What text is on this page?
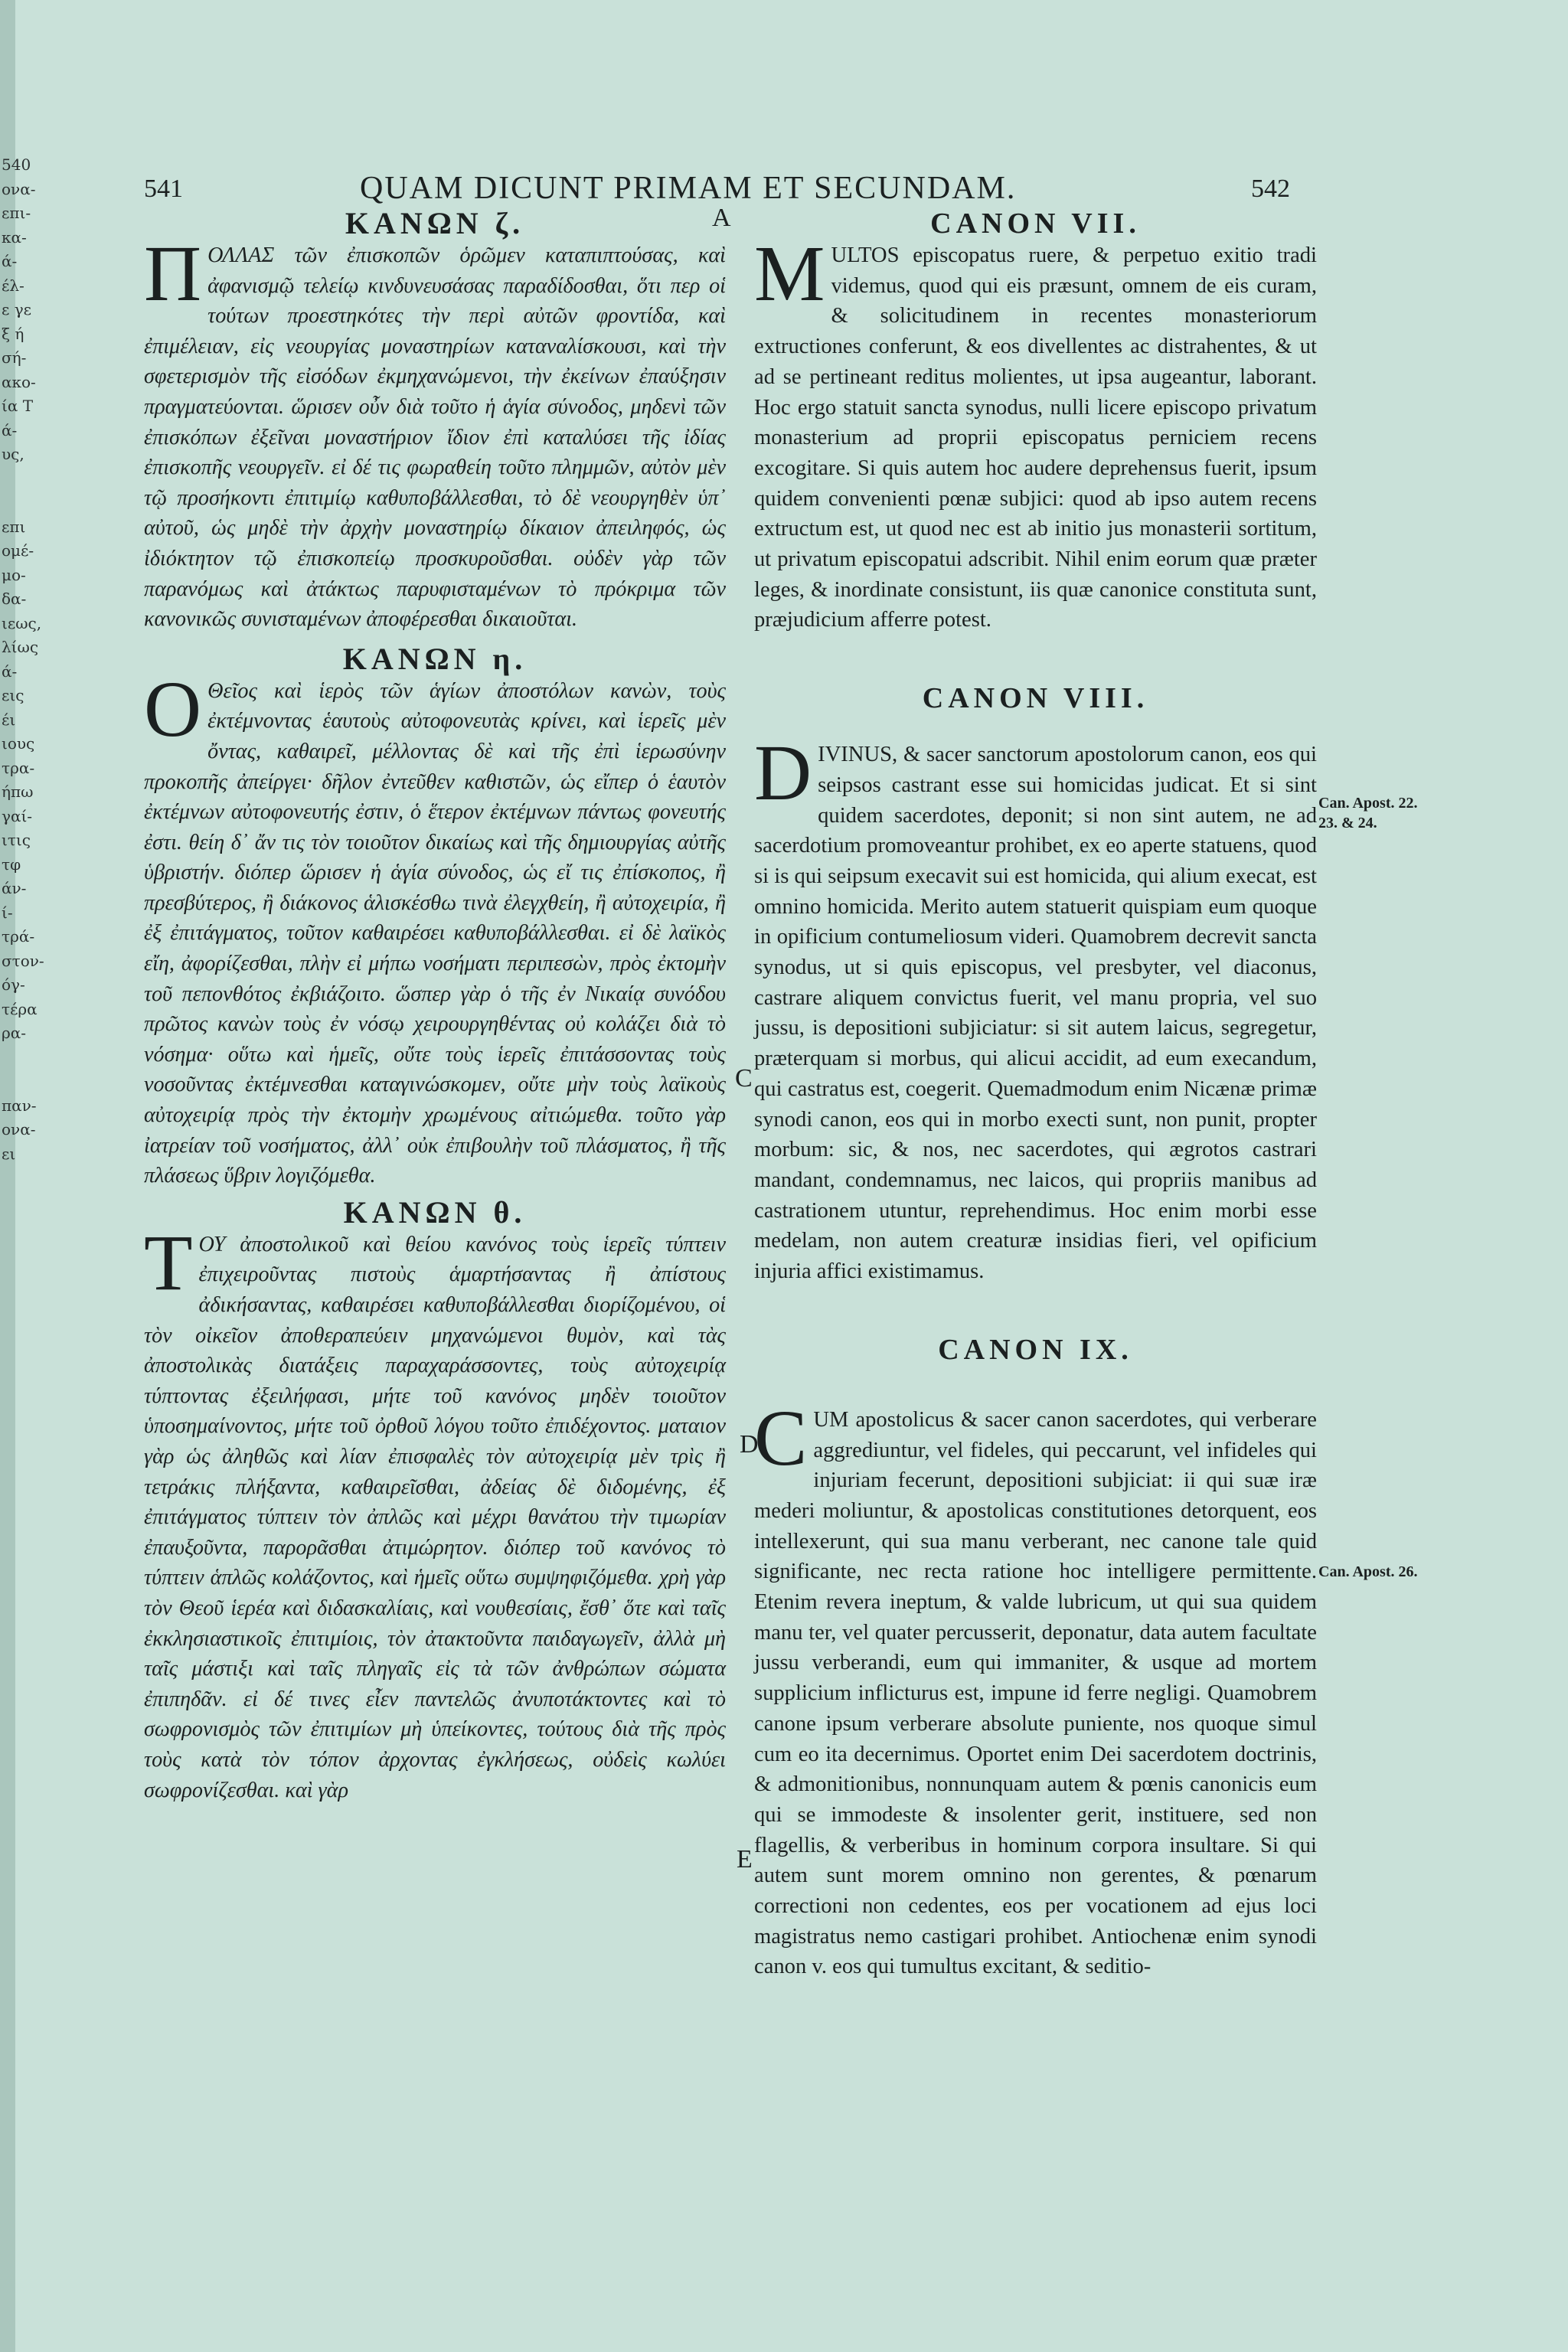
540
ονα-
επι-
κα-
ά-
έλ-
ε γε
ξ ή
σή-
ακο-
ία Τ
ά-
υς,
επι
ομέ-
μο-
δα-
ιεως,
λίως
ά-
εις
έι
ιους
τρα-
ήπω
γαί-
ιτις
τφ
άν-
ί-
τρά-
στον-
όγ-
τέρα
ρα-
παν-
ονα-
ει
541	QUAM DICUNT PRIMAM ET SECUNDAM.	542
ΚΑΝΩΝ ζ.

ΠΟΛΛΑΣ τῶν ἐπισκοπῶν ὁρῶμεν καταπιπτούσας, καὶ ἀφανισμῷ τελείῳ κινδυνευσάσας παραδίδοσθαι, ὅτι περ οἱ τούτων προεστηκότες τὴν περὶ αὐτῶν φροντίδα, καὶ ἐπιμέλειαν, εἰς νεουργίας μοναστηρίων καταναλίσκουσι, καὶ τὴν σφετερισμὸν τῆς εἰσόδων ἐκμηχανώμενοι, τὴν ἐκείνων ἐπαύξησιν πραγματεύονται. ὥρισεν οὖν διὰ τοῦτο ἡ ἁγία σύνοδος, μηδενὶ τῶν ἐπισκόπων ἐξεῖναι μοναστήριον ἴδιον ἐπὶ καταλύσει τῆς ἰδίας ἐπισκοπῆς νεουργεῖν. εἰ δέ τις φωραθείη τοῦτο πλημμῶν, αὐτὸν μὲν τῷ προσήκοντι ἐπιτιμίῳ καθυποβάλλεσθαι, τὸ δὲ νεουργηθὲν ὑπ᾿ αὐτοῦ, ὡς μηδὲ τὴν ἀρχὴν μοναστηρίῳ δίκαιον ἀπειληφός, ὡς ἰδιόκτητον τῷ ἐπισκοπείῳ προσκυροῦσθαι. οὐδὲν γὰρ τῶν παρανόμως καὶ ἀτάκτως παρυφισταμένων τὸ πρόκριμα τῶν κανονικῶς συνισταμένων ἀποφέρεσθαι δικαιοῦται.

ΚΑΝΩΝ η.

Ο Θεῖος καὶ ἱερὸς τῶν ἁγίων ἀποστόλων κανὼν, τοὺς ἐκτέμνοντας ἑαυτοὺς αὐτοφονευτὰς κρίνει, καὶ ἱερεῖς μὲν ὄντας, καθαιρεῖ, μέλλοντας δὲ καὶ τῆς ἐπὶ ἱερωσύνην προκοπῆς ἀπείργει· δῆλον ἐντεῦθεν καθιστῶν, ὡς εἴπερ ὁ ἑαυτὸν ἐκτέμνων αὐτοφονευτής ἐστιν, ὁ ἕτερον ἐκτέμνων πάντως φονευτής ἐστι. θείη δ᾿ ἄν τις τὸν τοιοῦτον δικαίως καὶ τῆς δημιουργίας αὐτῆς ὑβριστήν. διόπερ ὥρισεν ἡ ἁγία σύνοδος, ὡς εἴ τις ἐπίσκοπος, ἢ πρεσβύτερος, ἢ διάκονος ἁλισκέσθω τινὰ ἐλεγχθείη, ἢ αὐτοχειρία, ἢ ἐξ ἐπιτάγματος, τοῦτον καθαιρέσει καθυποβάλλεσθαι. εἰ δὲ λαϊκὸς εἴη, ἀφορίζεσθαι, πλὴν εἰ μήπω νοσήματι περιπεσὼν, πρὸς ἐκτομὴν τοῦ πεπονθότος ἐκβιάζοιτο. ὥσπερ γὰρ ὁ τῆς ἐν Νικαίᾳ συνόδου πρῶτος κανὼν τοὺς ἐν νόσῳ χειρουργηθέντας οὐ κολάζει διὰ τὸ νόσημα· οὕτω καὶ ἡμεῖς, οὔτε τοὺς ἱερεῖς ἐπιτάσσοντας τοὺς νοσοῦντας ἐκτέμνεσθαι καταγινώσκομεν, οὔτε μὴν τοὺς λαϊκοὺς αὐτοχειρίᾳ πρὸς τὴν ἐκτομὴν χρωμένους αἰτιώμεθα. τοῦτο γὰρ ἰατρείαν τοῦ νοσήματος, ἀλλ᾿ οὐκ ἐπιβουλὴν τοῦ πλάσματος, ἢ τῆς πλάσεως ὕβριν λογιζόμεθα.

ΚΑΝΩΝ θ.

ΤΟΥ ἀποστολικοῦ καὶ θείου κανόνος τοὺς ἱερεῖς τύπτειν ἐπιχειροῦντας πιστοὺς ἁμαρτήσαντας ἢ ἀπίστους ἀδικήσαντας, καθαιρέσει καθυποβάλλεσθαι διορίζομένου, οἱ τὸν οἰκεῖον ἀποθεραπεύειν μηχανώμενοι θυμὸν, καὶ τὰς ἀποστολικὰς διατάξεις παραχαράσσοντες, τοὺς αὐτοχειρίᾳ τύπτοντας ἐξειλήφασι, μήτε τοῦ κανόνος μηδὲν τοιοῦτον ὑποσημαίνοντος, μήτε τοῦ ὀρθοῦ λόγου τοῦτο ἐπιδέχοντος. ματαιον γὰρ ὡς ἀληθῶς καὶ λίαν ἐπισφαλὲς τὸν αὐτοχειρίᾳ μὲν τρὶς ἢ τετράκις πλήξαντα, καθαιρεῖσθαι, ἀδείας δὲ διδομένης, ἐξ ἐπιτάγματος τύπτειν τὸν ἀπλῶς καὶ μέχρι θανάτου τὴν τιμωρίαν ἐπαυξοῦντα, παρορᾶσθαι ἀτιμώρητον. διόπερ τοῦ κανόνος τὸ τύπτειν ἁπλῶς κολάζοντος, καὶ ἡμεῖς οὕτω συμψηφιζόμεθα. χρὴ γὰρ τὸν Θεοῦ ἱερέα καὶ διδασκαλίαις, καὶ νουθεσίαις, ἔσθ᾿ ὅτε καὶ ταῖς ἐκκλησιαστικοῖς ἐπιτιμίοις, τὸν ἀτακτοῦντα παιδαγωγεῖν, ἀλλὰ μὴ ταῖς μάστιξι καὶ ταῖς πληγαῖς εἰς τὰ τῶν ἀνθρώπων σώματα ἐπιπηδᾶν. εἰ δέ τινες εἶεν παντελῶς ἀνυποτάκτοντες καὶ τὸ σωφρονισμὸς τῶν ἐπιτιμίων μὴ ὑπείκοντες, τούτους διὰ τῆς πρὸς τοὺς κατὰ τὸν τόπον ἀρχοντας ἐγκλήσεως, οὐδεὶς κωλύει σωφρονίζεσθαι. καὶ γὰρ

CANON VII.

MULTOS episcopatus ruere, & perpetuo exitio tradi videmus, quod qui eis præsunt, omnem de eis curam, & solicitudinem in recentes monasteriorum extructiones conferunt, & eos divellentes ac distrahentes, & ut ad se pertineant reditus molientes, ut ipsa augeantur, laborant. Hoc ergo statuit sancta synodus, nulli licere episcopo privatum monasterium ad proprii episcopatus perniciem recens excogitare. Si quis autem hoc audere deprehensus fuerit, ipsum quidem convenienti pœnæ subjici: quod ab ipso autem recens extructum est, ut quod nec est ab initio jus monasterii sortitum, ut privatum episcopatui adscribit. Nihil enim eorum quæ præter leges, & inordinate consistunt, iis quæ canonice constituta sunt, præjudicium afferre potest.

CANON VIII.

DIVINUS, & sacer sanctorum apostolorum canon, eos qui seipsos castrant esse sui homicidas judicat. Et si sint quidem sacerdotes, deponit; si non sint autem, ne ad sacerdotium promoveantur prohibet, ex eo aperte statuens, quod si is qui seipsum execavit sui est homicida, qui alium execat, est omnino homicida. Merito autem statuerit quispiam eum quoque in opificium contumeliosum videri. Quamobrem decrevit sancta synodus, ut si quis episcopus, vel presbyter, vel diaconus, castrare aliquem convictus fuerit, vel manu propria, vel suo jussu, is depositioni subjiciatur: si sit autem laicus, segregetur, præterquam si morbus, qui alicui accidit, ad eum execandum, qui castratus est, coegerit. Quemadmodum enim Nicænæ primæ synodi canon, eos qui in morbo execti sunt, non punit, propter morbum: sic, & nos, nec sacerdotes, qui ægrotos castrari mandant, condemnamus, nec laicos, qui propriis manibus ad castrationem utuntur, reprehendimus. Hoc enim morbi esse medelam, non autem creaturæ insidias fieri, vel opificium injuria affici existimamus.

CANON IX.

CUM apostolicus & sacer canon sacerdotes, qui verberare aggrediuntur, vel fideles, qui peccarunt, vel infideles qui injuriam fecerunt, depositioni subjiciat: ii qui suæ iræ mederi moliuntur, & apostolicas constitutiones detorquent, eos intellexerunt, qui sua manu verberant, nec canone tale quid significante, nec recta ratione hoc intelligere permittente. Etenim revera ineptum, & valde lubricum, ut qui sua quidem manu ter, vel quater percusserit, deponatur, data autem facultate jussu verberandi, eum qui immaniter, & usque ad mortem supplicium inflicturus est, impune id ferre negligi. Quamobrem canone ipsum verberare absolute puniente, nos quoque simul cum eo ita decernimus. Oportet enim Dei sacerdotem doctrinis, & admonitionibus, nonnunquam autem & pœnis canonicis eum qui se immodeste & insolenter gerit, instituere, sed non flagellis, & verberibus in hominum corpora insultare. Si qui autem sunt morem omnino non gerentes, & pœnarum correctioni non cedentes, eos per vocationem ad ejus loci magistratus nemo castigari prohibet. Antiochenæ enim synodi canon v. eos qui tumultus excitant, & seditio-

Can. Apost. 22. 23. & 24.
Can. Apost. 26.
A
C
D
E
